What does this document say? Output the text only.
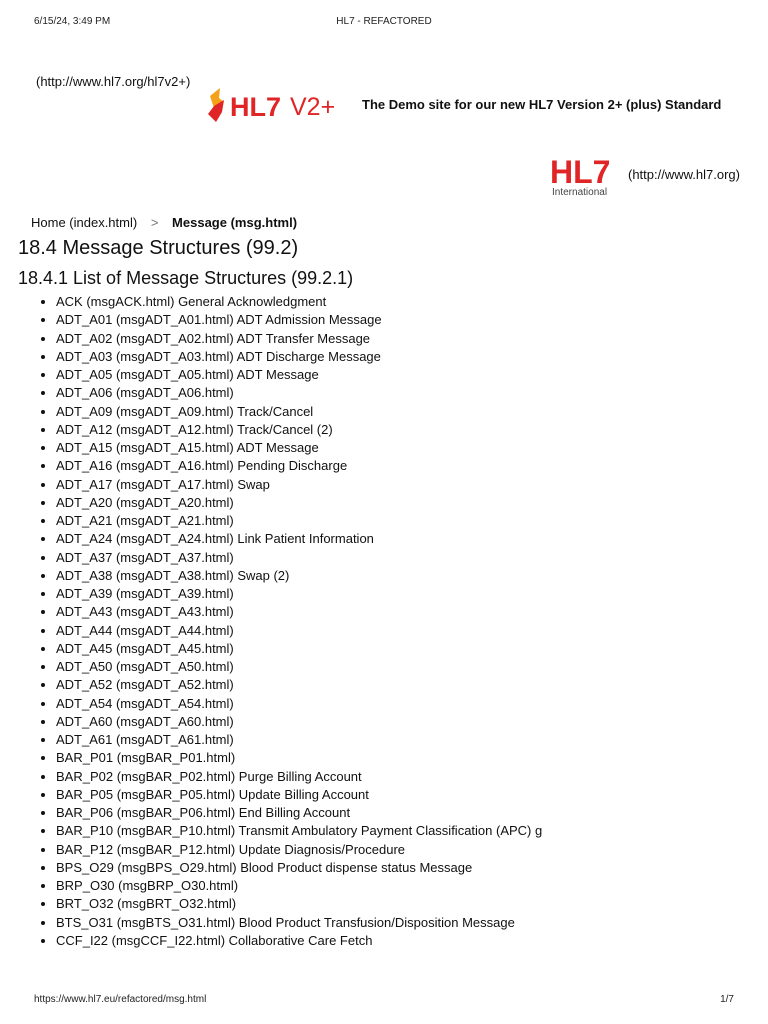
6/15/24, 3:49 PM	HL7 - REFACTORED
(http://www.hl7.org/hl7v2+)
HL7 V2+ The Demo site for our new HL7 Version 2+ (plus) Standard
HL7
International
(http://www.hl7.org)
Home (index.html) > Message (msg.html)
18.4 Message Structures (99.2)
18.4.1 List of Message Structures (99.2.1)
• ACK (msgACK.html) General Acknowledgment
• ADT_A01 (msgADT_A01.html) ADT Admission Message
• ADT_A02 (msgADT_A02.html) ADT Transfer Message
• ADT_A03 (msgADT_A03.html) ADT Discharge Message
• ADT_A05 (msgADT_A05.html) ADT Message
• ADT_A06 (msgADT_A06.html)
• ADT_A09 (msgADT_A09.html) Track/Cancel
• ADT_A12 (msgADT_A12.html) Track/Cancel (2)
• ADT_A15 (msgADT_A15.html) ADT Message
• ADT_A16 (msgADT_A16.html) Pending Discharge
• ADT_A17 (msgADT_A17.html) Swap
• ADT_A20 (msgADT_A20.html)
• ADT_A21 (msgADT_A21.html)
• ADT_A24 (msgADT_A24.html) Link Patient Information
• ADT_A37 (msgADT_A37.html)
• ADT_A38 (msgADT_A38.html) Swap (2)
• ADT_A39 (msgADT_A39.html)
• ADT_A43 (msgADT_A43.html)
• ADT_A44 (msgADT_A44.html)
• ADT_A45 (msgADT_A45.html)
• ADT_A50 (msgADT_A50.html)
• ADT_A52 (msgADT_A52.html)
• ADT_A54 (msgADT_A54.html)
• ADT_A60 (msgADT_A60.html)
• ADT_A61 (msgADT_A61.html)
• BAR_P01 (msgBAR_P01.html)
• BAR_P02 (msgBAR_P02.html) Purge Billing Account
• BAR_P05 (msgBAR_P05.html) Update Billing Account
• BAR_P06 (msgBAR_P06.html) End Billing Account
• BAR_P10 (msgBAR_P10.html) Transmit Ambulatory Payment Classification (APC) g
• BAR_P12 (msgBAR_P12.html) Update Diagnosis/Procedure
• BPS_O29 (msgBPS_O29.html) Blood Product dispense status Message
• BRP_O30 (msgBRP_O30.html)
• BRT_O32 (msgBRT_O32.html)
• BTS_O31 (msgBTS_O31.html) Blood Product Transfusion/Disposition Message
• CCF_I22 (msgCCF_I22.html) Collaborative Care Fetch
https://www.hl7.eu/refactored/msg.html	1/7
